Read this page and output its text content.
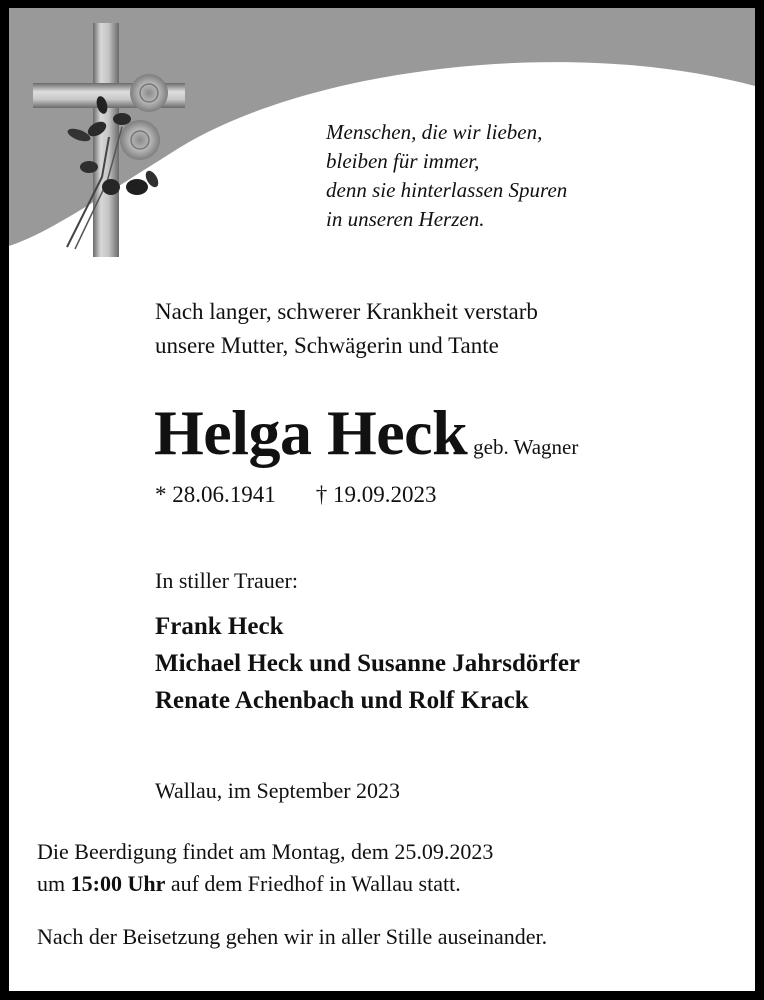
Menschen, die wir lieben,
bleiben für immer,
denn sie hinterlassen Spuren
in unseren Herzen.
Nach langer, schwerer Krankheit verstarb
unsere Mutter, Schwägerin und Tante
Helga Heck geb. Wagner
* 28.06.1941 † 19.09.2023
In stiller Trauer:
Frank Heck
Michael Heck und Susanne Jahrsdörfer
Renate Achenbach und Rolf Krack
Wallau, im September 2023
Die Beerdigung findet am Montag, dem 25.09.2023
um 15:00 Uhr auf dem Friedhof in Wallau statt.
Nach der Beisetzung gehen wir in aller Stille auseinander.
